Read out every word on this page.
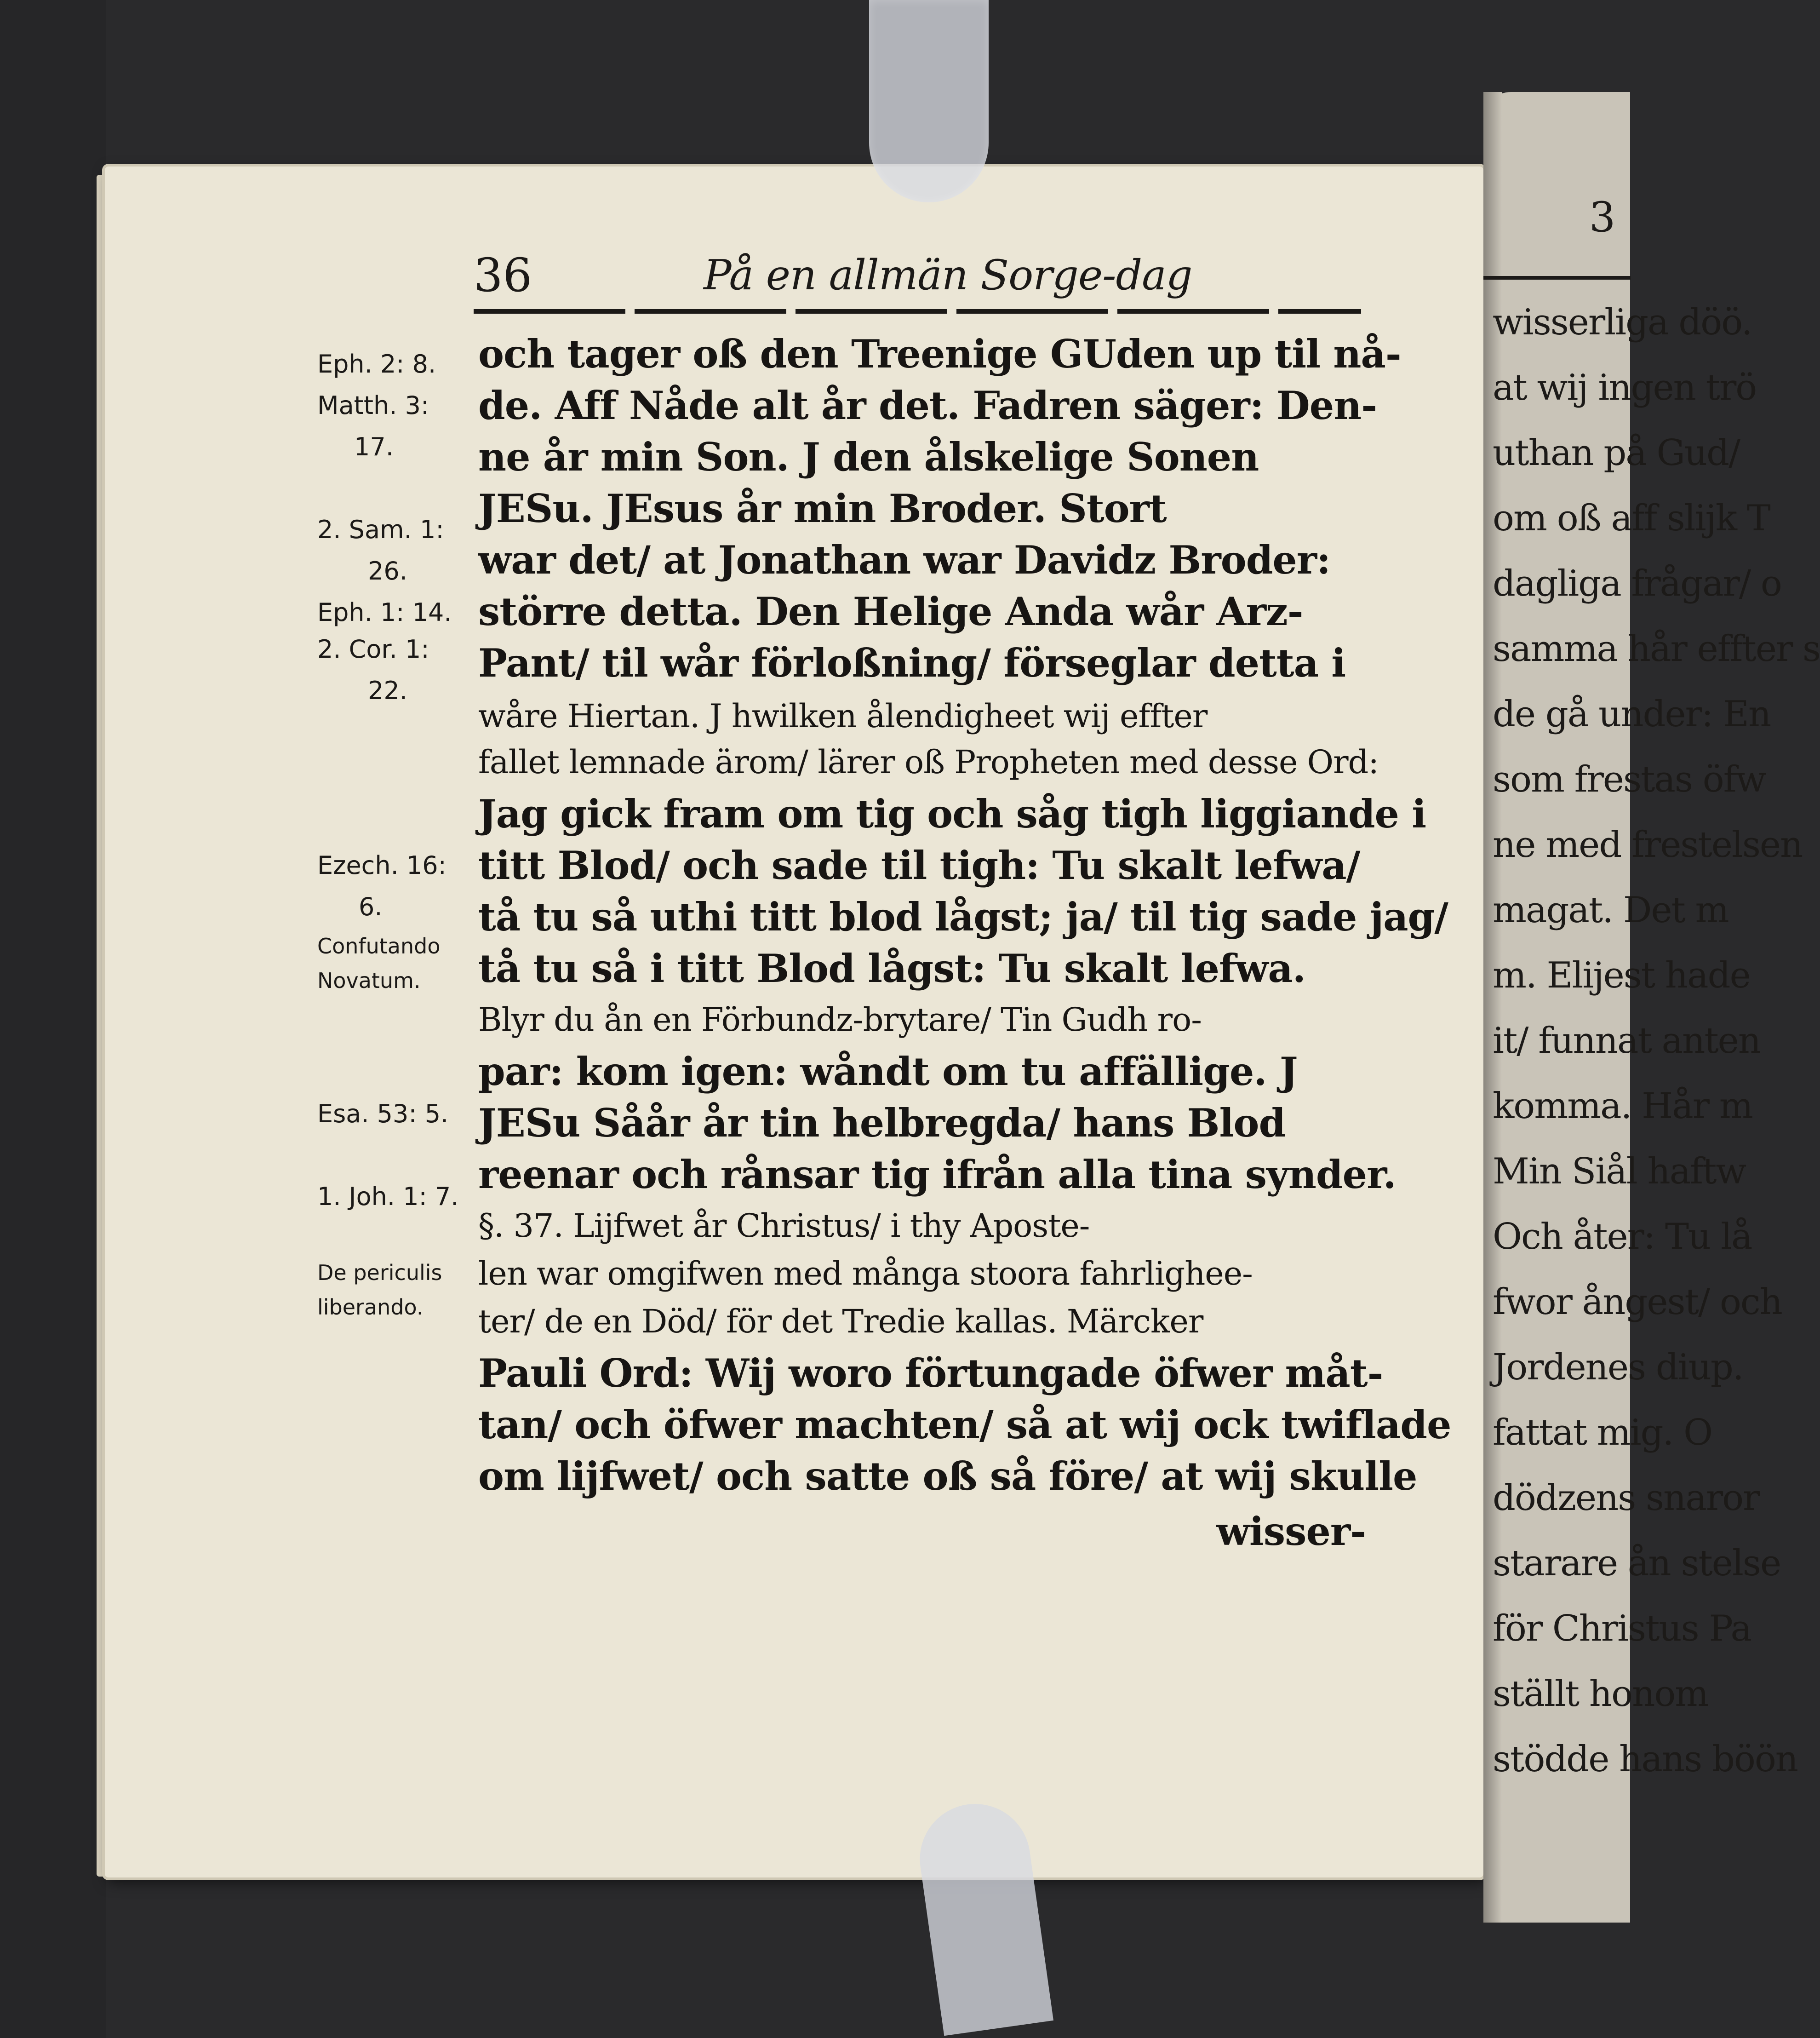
3
wisserliga döö.
at wij ingen trö
uthan på Gud/
om oß aff slijk T
dagliga frågar/ o
samma hår effter s
de gå under: En
som frestas öfw
ne med frestelsen
magat. Det m
m. Elijest hade
it/ funnat anten
komma. Hår m
Min Siål haftw
Och åter: Tu lå
fwor ångest/ och
Jordenes diup.
fattat mig. O
dödzens snaror
starare ån stelse
för Christus Pa
ställt honom
stödde hans böön
36	På en allmän Sorge-dag
Eph. 2: 8.
Matth. 3:
17.
2. Sam. 1:
26.
Eph. 1: 14.
2. Cor. 1:
22.
Ezech. 16:
6.
Confutando
Novatum.
Esa. 53: 5.
1. Joh. 1: 7.
De periculis
liberando.
och tager oß den Treenige GUden up til nå-
de. Aff Nåde alt år det. Fadren säger: Den-
ne år min Son. J den ålskelige Sonen
JESu. JEsus år min Broder. Stort
war det/ at Jonathan war Davidz Broder:
större detta. Den Helige Anda wår Arz-
Pant/ til wår förloßning/ förseglar detta i
wåre Hiertan. J hwilken ålendigheet wij effter
fallet lemnade ärom/ lärer oß Propheten med desse Ord:
Jag gick fram om tig och såg tigh liggiande i
titt Blod/ och sade til tigh: Tu skalt lefwa/
tå tu så uthi titt blod lågst; ja/ til tig sade jag/
tå tu så i titt Blod lågst: Tu skalt lefwa.
Blyr du ån en Förbundz-brytare/ Tin Gudh ro-
par: kom igen: wåndt om tu affällige. J
JESu Såår år tin helbregda/ hans Blod
reenar och rånsar tig ifrån alla tina synder.
§. 37. Lijfwet år Christus/ i thy Aposte-
len war omgifwen med många stoora fahrlighee-
ter/ de en Död/ för det Tredie kallas. Märcker
Pauli Ord: Wij woro förtungade öfwer måt-
tan/ och öfwer machten/ så at wij ock twiflade
om lijfwet/ och satte oß så före/ at wij skulle
wisser-
